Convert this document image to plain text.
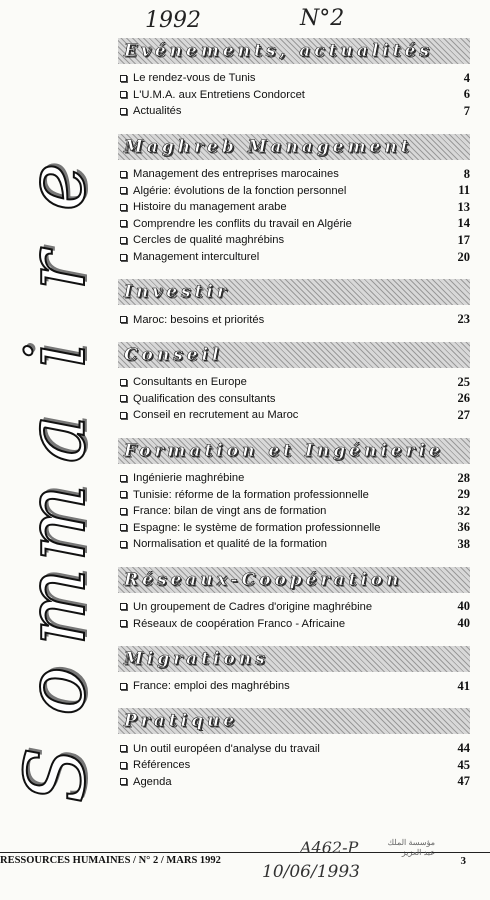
1992	N°2
S
o
m
m
a
i
r
e
Evénements, actualités
Le rendez-vous de Tunis	4
L'U.M.A. aux Entretiens Condorcet	6
Actualités	7
Maghreb Management
Management des entreprises marocaines	8
Algérie: évolutions de la fonction personnel	11
Histoire du management arabe	13
Comprendre les conflits du travail en Algérie	14
Cercles de qualité maghrébins	17
Management interculturel	20
Investir
Maroc: besoins et priorités	23
Conseil
Consultants en Europe	25
Qualification des consultants	26
Conseil en recrutement au Maroc	27
Formation et Ingénierie
Ingénierie maghrébine	28
Tunisie: réforme de la formation professionnelle	29
France: bilan de vingt ans de formation	32
Espagne: le système de formation professionnelle	36
Normalisation et qualité de la formation	38
Réseaux-Coopération
Un groupement de Cadres d'origine maghrébine	40
Réseaux de coopération Franco - Africaine	40
Migrations
France: emploi des maghrébins	41
Pratique
Un outil européen d'analyse du travail	44
Références	45
Agenda	47
RESSOURCES HUMAINES / N° 2 / MARS 1992	3
A462-P
10/06/1993
مؤسسة الملك عبد العزيز
